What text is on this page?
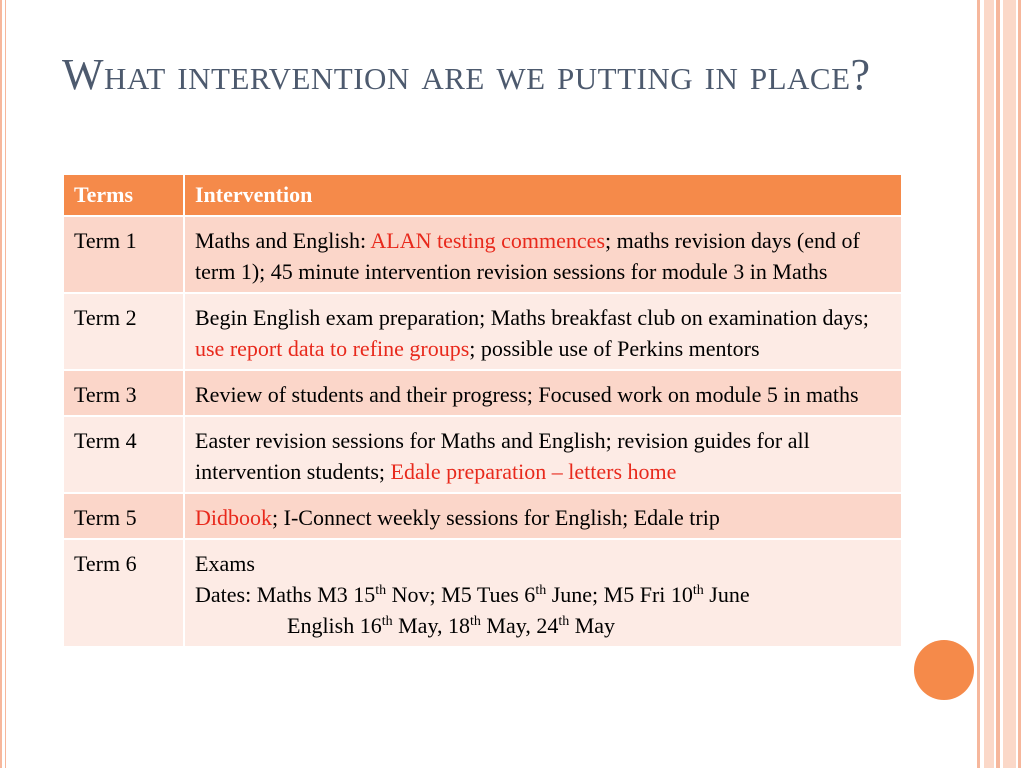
What intervention are we putting in place?
Terms	Intervention
Term 1	Maths and English: ALAN testing commences; maths revision days (end of term 1); 45 minute intervention revision sessions for module 3 in Maths
Term 2	Begin English exam preparation; Maths breakfast club on examination days; use report data to refine groups; possible use of Perkins mentors
Term 3	Review of students and their progress; Focused work on module 5 in maths
Term 4	Easter revision sessions for Maths and English; revision guides for all intervention students; Edale preparation – letters home
Term 5	Didbook; I-Connect weekly sessions for English; Edale trip
Term 6	Exams
Dates: Maths M3 15th Nov; M5 Tues 6th June; M5 Fri 10th June
English 16th May, 18th May, 24th May
